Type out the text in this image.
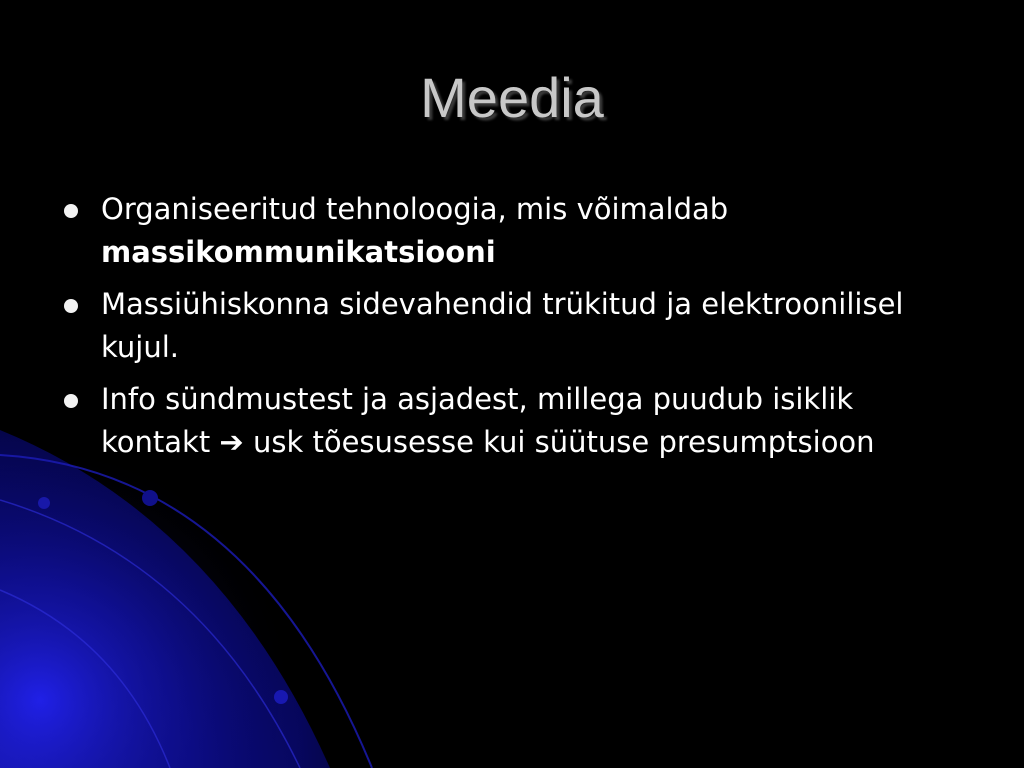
Meedia
Organiseeritud tehnoloogia, mis võimaldab massikommunikatsiooni
Massiühiskonna sidevahendid trükitud ja elektroonilisel kujul.
Info sündmustest ja asjadest, millega puudub isiklik kontakt ➔ usk tõesusesse kui süütuse presumptsioon
